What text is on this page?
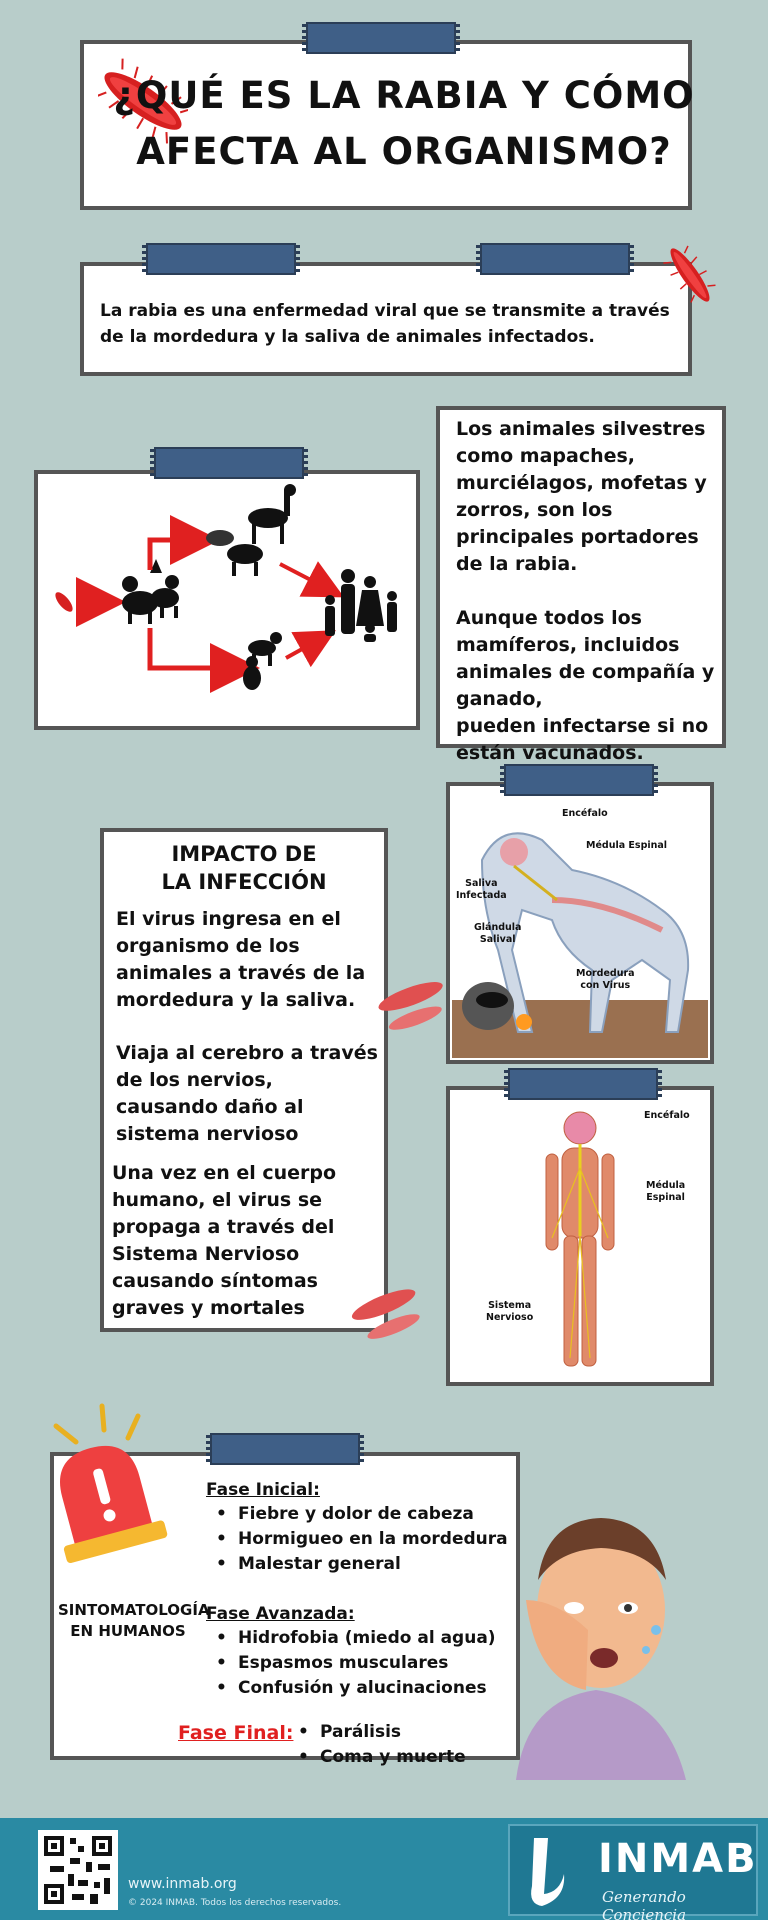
¿QUÉ ES LA RABIA Y CÓMO
AFECTA AL ORGANISMO?
La rabia es una enfermedad viral que se transmite a través de la mordedura y la saliva de animales infectados.
Los animales silvestres como mapaches, murciélagos, mofetas y zorros, son los principales portadores de la rabia.
Aunque todos los mamíferos, incluidos animales de compañía y ganado,
pueden infectarse si no están vacunados.
Encéfalo
Médula Espinal
Saliva
Infectada
Glándula
Salival
Mordedura
con Virus
IMPACTO DE
LA INFECCIÓN
El virus ingresa en el organismo de los animales a través de la mordedura y la saliva.
Viaja al cerebro a través de los nervios, causando daño al sistema nervioso
Una vez en el cuerpo humano, el virus se propaga a través del Sistema Nervioso causando síntomas graves y mortales
Encéfalo
Médula
Espinal
Sistema
Nervioso
SINTOMATOLOGÍA
EN HUMANOS
Fase Inicial:
• Fiebre y dolor de cabeza
• Hormigueo en la mordedura
• Malestar general
Fase Avanzada:
• Hidrofobia (miedo al agua)
• Espasmos musculares
• Confusión y alucinaciones
Fase Final:
•	Parálisis
• Coma y muerte
www.inmab.org
© 2024 INMAB. Todos los derechos reservados.
INMAB
Generando Conciencia
